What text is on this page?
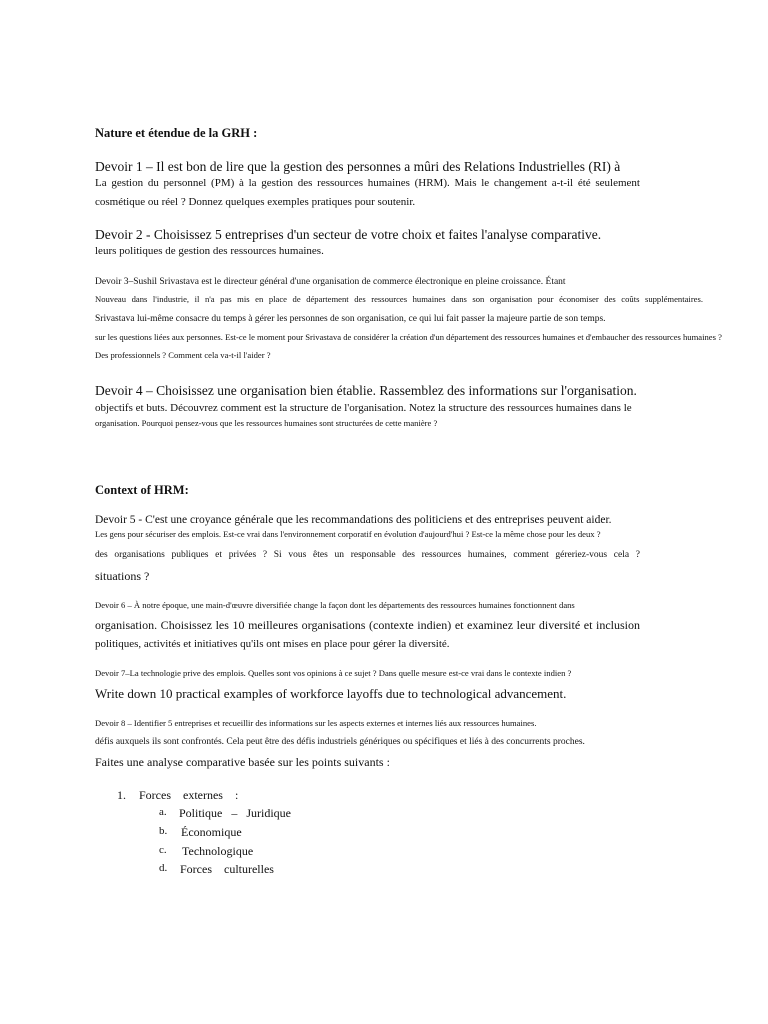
Nature et étendue de la GRH :
Devoir 1 – Il est bon de lire que la gestion des personnes a mûri des Relations Industrielles (RI) à
La gestion du personnel (PM) à la gestion des ressources humaines (HRM). Mais le changement a-t-il été seulement
cosmétique ou réel ? Donnez quelques exemples pratiques pour soutenir.
Devoir 2 - Choisissez 5 entreprises d'un secteur de votre choix et faites l'analyse comparative.
leurs politiques de gestion des ressources humaines.
Devoir 3–Sushil Srivastava est le directeur général d'une organisation de commerce électronique en pleine croissance. Étant
Nouveau dans l'industrie, il n'a pas mis en place de département des ressources humaines dans son organisation pour économiser des coûts supplémentaires.
Srivastava lui-même consacre du temps à gérer les personnes de son organisation, ce qui lui fait passer la majeure partie de son temps.
sur les questions liées aux personnes. Est-ce le moment pour Srivastava de considérer la création d'un département des ressources humaines et d'embaucher des ressources humaines ?
Des professionnels ? Comment cela va-t-il l'aider ?
Devoir 4 – Choisissez une organisation bien établie. Rassemblez des informations sur l'organisation.
objectifs et buts. Découvrez comment est la structure de l'organisation. Notez la structure des ressources humaines dans le
organisation. Pourquoi pensez-vous que les ressources humaines sont structurées de cette manière ?
Context of HRM:
Devoir 5 - C'est une croyance générale que les recommandations des politiciens et des entreprises peuvent aider.
Les gens pour sécuriser des emplois. Est-ce vrai dans l'environnement corporatif en évolution d'aujourd'hui ? Est-ce la même chose pour les deux ?
des organisations publiques et privées ? Si vous êtes un responsable des ressources humaines, comment géreriez-vous cela ?
situations ?
Devoir 6 – À notre époque, une main-d'œuvre diversifiée change la façon dont les départements des ressources humaines fonctionnent dans
organisation. Choisissez les 10 meilleures organisations (contexte indien) et examinez leur diversité et inclusion
politiques, activités et initiatives qu'ils ont mises en place pour gérer la diversité.
Devoir 7–La technologie prive des emplois. Quelles sont vos opinions à ce sujet ? Dans quelle mesure est-ce vrai dans le contexte indien ?
Write down 10 practical examples of workforce layoffs due to technological advancement.
Devoir 8 – Identifier 5 entreprises et recueillir des informations sur les aspects externes et internes liés aux ressources humaines.
défis auxquels ils sont confrontés. Cela peut être des défis industriels génériques ou spécifiques et liés à des concurrents proches.
Faites une analyse comparative basée sur les points suivants :
1. Forces    externes    :
a. Politique   –   Juridique
b. Économique
c. Technologique
d. Forces    culturelles
